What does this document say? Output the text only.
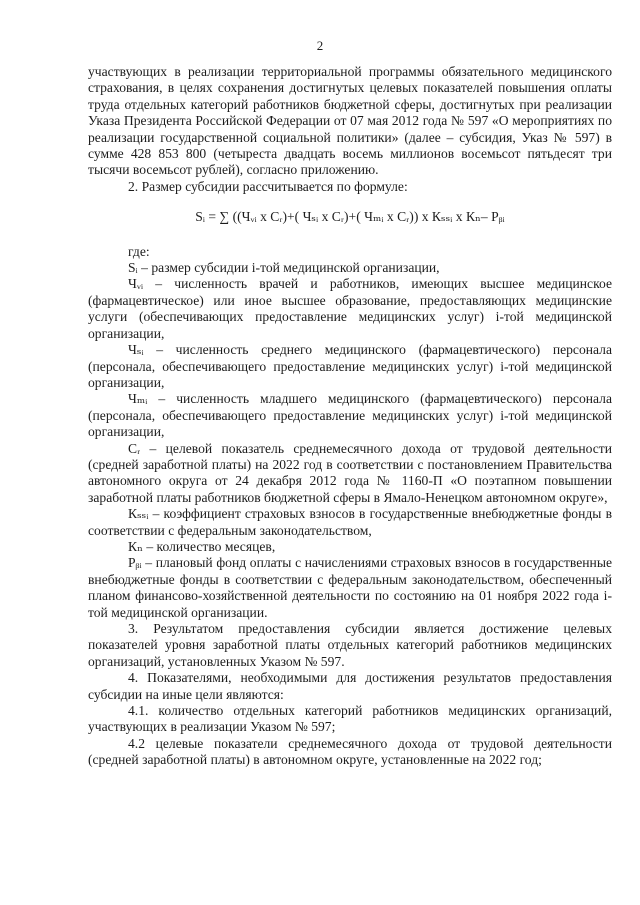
2

участвующих в реализации территориальной программы обязательного медицинского страхования, в целях сохранения достигнутых целевых показателей повышения оплаты труда отдельных категорий работников бюджетной сферы, достигнутых при реализации Указа Президента Российской Федерации от 07 мая 2012 года № 597 «О мероприятиях по реализации государственной социальной политики» (далее – субсидия, Указ № 597) в сумме 428 853 800 (четыреста двадцать восемь миллионов восемьсот пятьдесят три тысячи восемьсот рублей), согласно приложению.

2. Размер субсидии рассчитывается по формуле:

Sᵢ = ∑ ((Чᵥᵢ х Сᵣ)+( Чₛᵢ х Сᵣ)+( Чₘᵢ х Сᵣ)) х Кₛₛᵢ х Кₙ– Рᵦᵢ

где:

Sᵢ – размер субсидии i-той медицинской организации,

Чᵥᵢ – численность врачей и работников, имеющих высшее медицинское (фармацевтическое) или иное высшее образование, предоставляющих медицинские услуги (обеспечивающих предоставление медицинских услуг) i-той медицинской организации,

Чₛᵢ – численность среднего медицинского (фармацевтического) персонала (персонала, обеспечивающего предоставление медицинских услуг) i-той медицинской организации,

Чₘᵢ – численность младшего медицинского (фармацевтического) персонала (персонала, обеспечивающего предоставление медицинских услуг) i-той медицинской организации,

Сᵣ – целевой показатель среднемесячного дохода от трудовой деятельности (средней заработной платы) на 2022 год в соответствии с постановлением Правительства автономного округа от 24 декабря 2012 года № 1160-П «О поэтапном повышении заработной платы работников бюджетной сферы в Ямало-Ненецком автономном округе»,

Кₛₛᵢ – коэффициент страховых взносов в государственные внебюджетные фонды в соответствии с федеральным законодательством,

Кₙ – количество месяцев,

Рᵦᵢ – плановый фонд оплаты с начислениями страховых взносов в государственные внебюджетные фонды в соответствии с федеральным законодательством, обеспеченный планом финансово-хозяйственной деятельности по состоянию на 01 ноября 2022 года i-той медицинской организации.

3. Результатом предоставления субсидии является достижение целевых показателей уровня заработной платы отдельных категорий работников медицинских организаций, установленных Указом № 597.

4. Показателями, необходимыми для достижения результатов предоставления субсидии на иные цели являются:

4.1. количество отдельных категорий работников медицинских организаций, участвующих в реализации Указом № 597;

4.2 целевые показатели среднемесячного дохода от трудовой деятельности (средней заработной платы) в автономном округе, установленные на 2022 год;
